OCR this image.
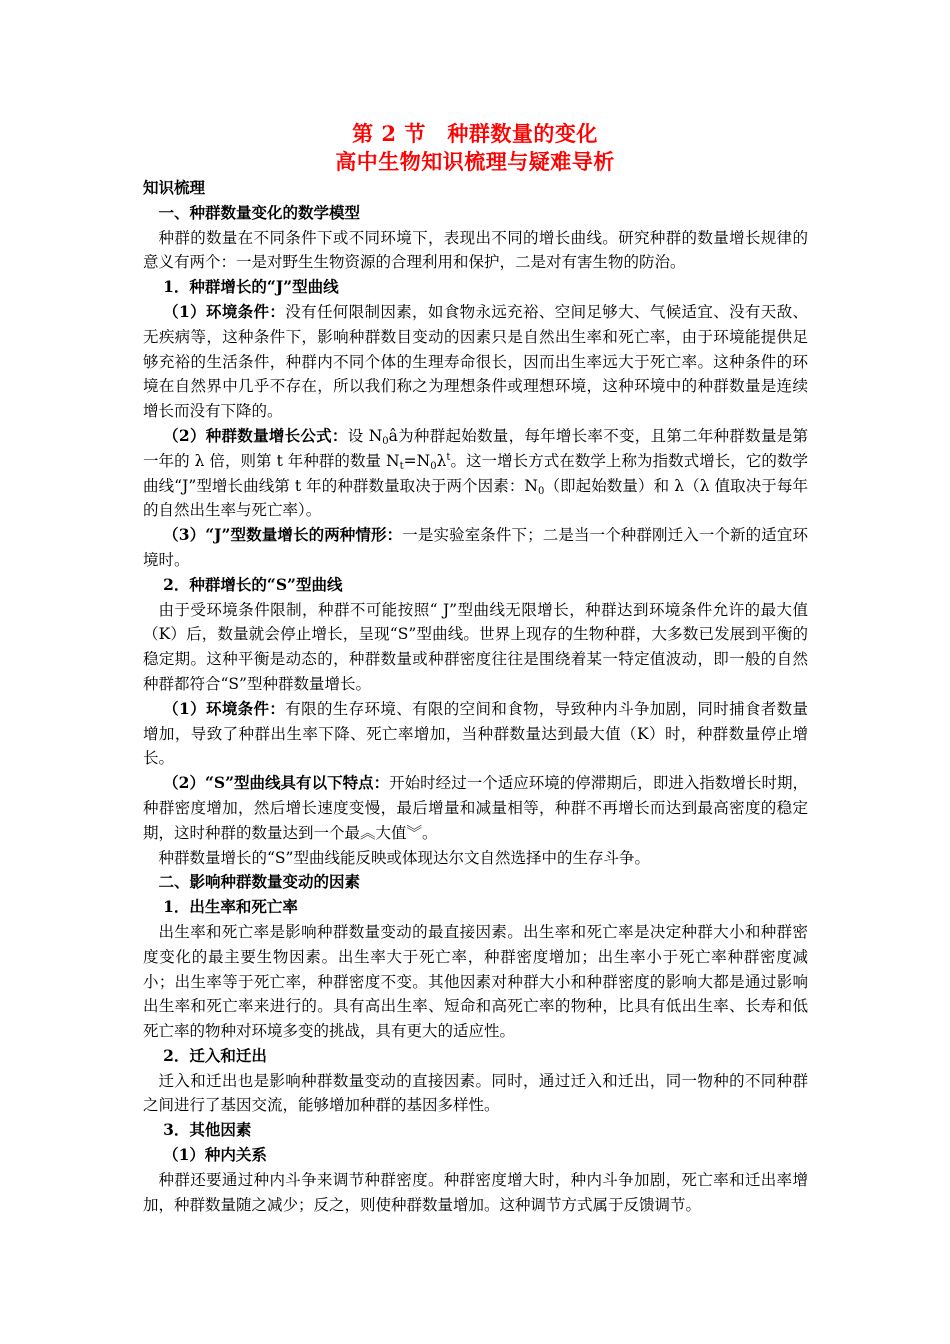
第 2 节　种群数量的变化
高中生物知识梳理与疑难导析

知识梳理

一、种群数量变化的数学模型

种群的数量在不同条件下或不同环境下，表现出不同的增长曲线。研究种群的数量增长规律的意义有两个：一是对野生生物资源的合理利用和保护，二是对有害生物的防治。

1．种群增长的“J”型曲线

（1）环境条件：没有任何限制因素，如食物永远充裕、空间足够大、气候适宜、没有天敌、无疾病等，这种条件下，影响种群数目变动的因素只是自然出生率和死亡率，由于环境能提供足够充裕的生活条件，种群内不同个体的生理寿命很长，因而出生率远大于死亡率。这种条件的环境在自然界中几乎不存在，所以我们称之为理想条件或理想环境，这种环境中的种群数量是连续增长而没有下降的。

（2）种群数量增长公式：设 $N_0â$为种群起始数量，每年增长率不变，且第二年种群数量是第一年的 λ 倍，则第 t 年种群的数量 $N_t=N_0\lambda^t$。这一增长方式在数学上称为指数式增长，它的数学曲线“J”型增长曲线第 t 年的种群数量取决于两个因素：$N_0$（即起始数量）和 λ（λ 值取决于每年的自然出生率与死亡率）。

（3）“J”型数量增长的两种情形：一是实验室条件下；二是当一个种群刚迁入一个新的适宜环境时。

2．种群增长的“S”型曲线

由于受环境条件限制，种群不可能按照“ J”型曲线无限增长，种群达到环境条件允许的最大值（K）后，数量就会停止增长，呈现“S”型曲线。世界上现存的生物种群，大多数已发展到平衡的稳定期。这种平衡是动态的，种群数量或种群密度往往是围绕着某一特定值波动，即一般的自然种群都符合“S”型种群数量增长。

（1）环境条件：有限的生存环境、有限的空间和食物，导致种内斗争加剧，同时捕食者数量增加，导致了种群出生率下降、死亡率增加，当种群数量达到最大值（K）时，种群数量停止增长。

（2）“S”型曲线具有以下特点：开始时经过一个适应环境的停滞期后，即进入指数增长时期，种群密度增加，然后增长速度变慢，最后增量和减量相等，种群不再增长而达到最高密度的稳定期，这时种群的数量达到一个最︽大值︾。

种群数量增长的“S”型曲线能反映或体现达尔文自然选择中的生存斗争。

二、影响种群数量变动的因素

1．出生率和死亡率

出生率和死亡率是影响种群数量变动的最直接因素。出生率和死亡率是决定种群大小和种群密度变化的最主要生物因素。出生率大于死亡率，种群密度增加；出生率小于死亡率种群密度减小；出生率等于死亡率，种群密度不变。其他因素对种群大小和种群密度的影响大都是通过影响出生率和死亡率来进行的。具有高出生率、短命和高死亡率的物种，比具有低出生率、长寿和低死亡率的物种对环境多变的挑战，具有更大的适应性。

2．迁入和迁出

迁入和迁出也是影响种群数量变动的直接因素。同时，通过迁入和迁出，同一物种的不同种群之间进行了基因交流，能够增加种群的基因多样性。

3．其他因素

（1）种内关系

种群还要通过种内斗争来调节种群密度。种群密度增大时，种内斗争加剧，死亡率和迁出率增加，种群数量随之减少；反之，则使种群数量增加。这种调节方式属于反馈调节。
